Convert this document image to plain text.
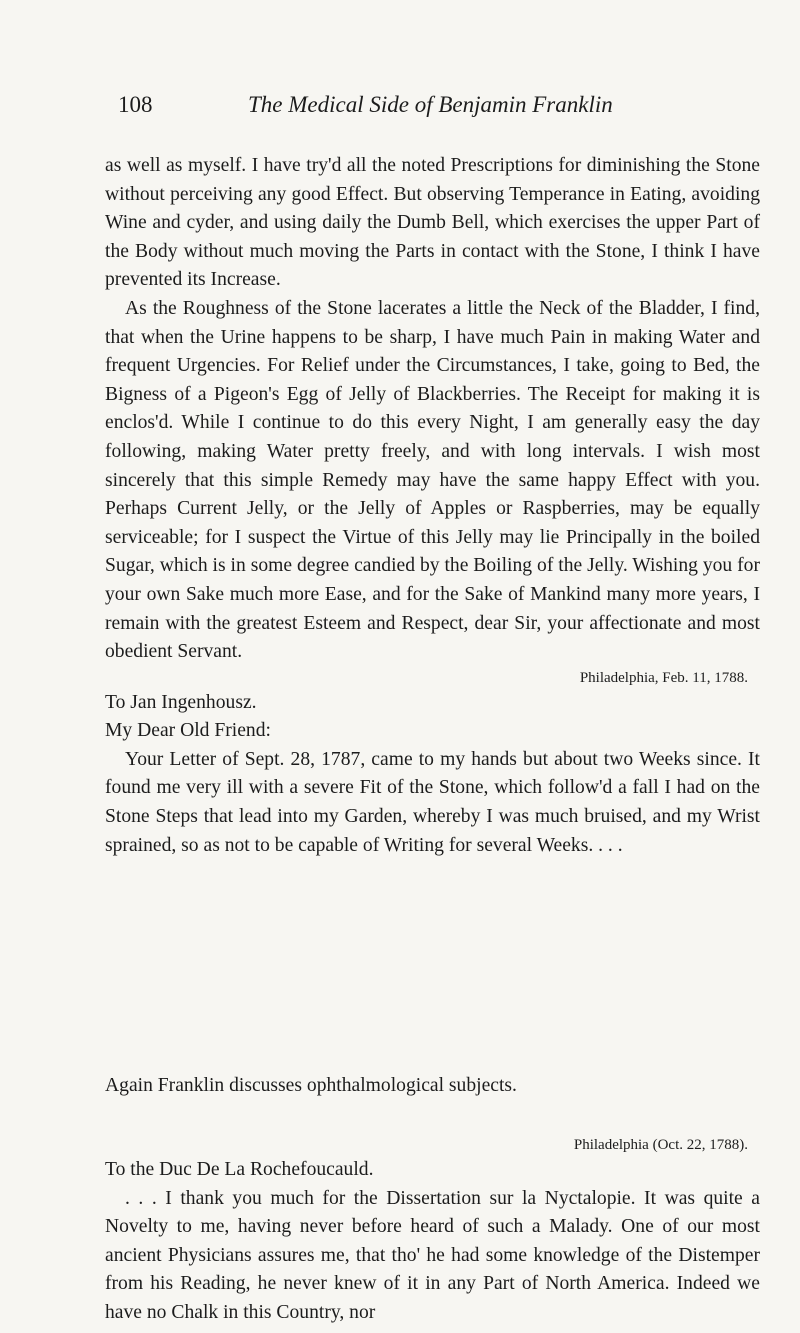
108	The Medical Side of Benjamin Franklin

as well as myself. I have try'd all the noted Prescriptions for diminishing the Stone without perceiving any good Effect. But observing Temperance in Eating, avoiding Wine and cyder, and using daily the Dumb Bell, which exercises the upper Part of the Body without much moving the Parts in contact with the Stone, I think I have prevented its Increase.

As the Roughness of the Stone lacerates a little the Neck of the Bladder, I find, that when the Urine happens to be sharp, I have much Pain in making Water and frequent Urgencies. For Relief under the Circumstances, I take, going to Bed, the Bigness of a Pigeon's Egg of Jelly of Blackberries. The Receipt for making it is enclos'd. While I continue to do this every Night, I am generally easy the day following, making Water pretty freely, and with long intervals. I wish most sincerely that this simple Remedy may have the same happy Effect with you. Perhaps Current Jelly, or the Jelly of Apples or Raspberries, may be equally serviceable; for I suspect the Virtue of this Jelly may lie Principally in the boiled Sugar, which is in some degree candied by the Boiling of the Jelly. Wishing you for your own Sake much more Ease, and for the Sake of Mankind many more years, I remain with the greatest Esteem and Respect, dear Sir, your affectionate and most obedient Servant.

Philadelphia, Feb. 11, 1788.

To Jan Ingenhousz.

My Dear Old Friend:

Your Letter of Sept. 28, 1787, came to my hands but about two Weeks since. It found me very ill with a severe Fit of the Stone, which follow'd a fall I had on the Stone Steps that lead into my Garden, whereby I was much bruised, and my Wrist sprained, so as not to be capable of Writing for several Weeks. . . .

Again Franklin discusses ophthalmological subjects.

Philadelphia (Oct. 22, 1788).

To the Duc De La Rochefoucauld.

. . . I thank you much for the Dissertation sur la Nyctalopie. It was quite a Novelty to me, having never before heard of such a Malady. One of our most ancient Physicians assures me, that tho' he had some knowledge of the Distemper from his Reading, he never knew of it in any Part of North America. Indeed we have no Chalk in this Country, nor
